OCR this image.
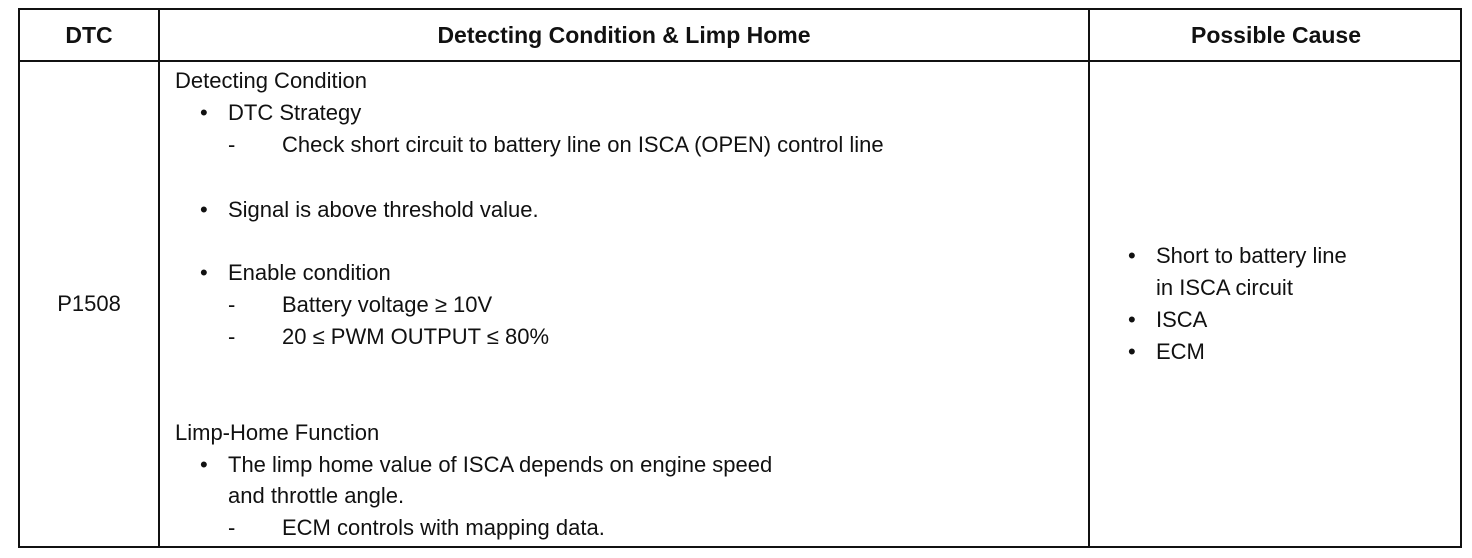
DTC	Detecting Condition & Limp Home	Possible Cause
P1508
Detecting Condition
• DTC Strategy
- Check short circuit to battery line on ISCA (OPEN) control line
• Signal is above threshold value.
• Enable condition
- Battery voltage ≥ 10V
- 20 ≤ PWM OUTPUT ≤ 80%
Limp-Home Function
• The limp home value of ISCA depends on engine speed
and throttle angle.
- ECM controls with mapping data.
• Short to battery line
in ISCA circuit
• ISCA
• ECM
